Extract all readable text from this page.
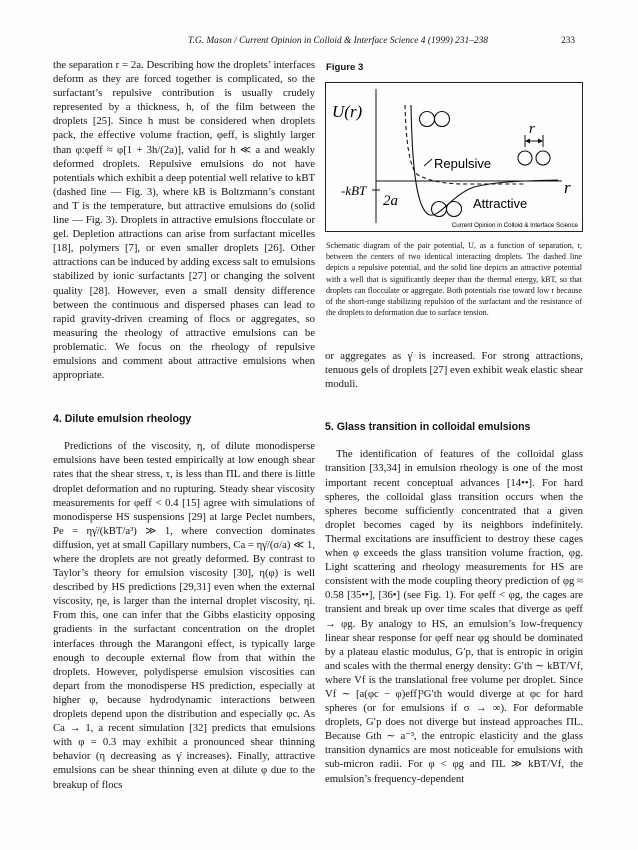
T.G. Mason / Current Opinion in Colloid & Interface Science 4 (1999) 231–238	233

the separation r = 2a. Describing how the droplets’ interfaces deform as they are forced together is complicated, so the surfactant’s repulsive contribution is usually crudely represented by a thickness, h, of the film between the droplets [25]. Since h must be considered when droplets pack, the effective volume fraction, φeff, is slightly larger than φ:φeff ≈ φ[1 + 3h/(2a)], valid for h ≪ a and weakly deformed droplets. Repulsive emulsions do not have potentials which exhibit a deep potential well relative to kBT (dashed line — Fig. 3), where kB is Boltzmann’s constant and T is the temperature, but attractive emulsions do (solid line — Fig. 3). Droplets in attractive emulsions flocculate or gel. Depletion attractions can arise from surfactant micelles [18], polymers [7], or even smaller droplets [26]. Other attractions can be induced by adding excess salt to emulsions stabilized by ionic surfactants [27] or changing the solvent quality [28]. However, even a small density difference between the continuous and dispersed phases can lead to rapid gravity-driven creaming of flocs or aggregates, so measuring the rheology of attractive emulsions can be problematic. We focus on the rheology of repulsive emulsions and comment about attractive emulsions when appropriate.

4. Dilute emulsion rheology

Predictions of the viscosity, η, of dilute monodisperse emulsions have been tested empirically at low enough shear rates that the shear stress, τ, is less than ΠL and there is little droplet deformation and no rupturing. Steady shear viscosity measurements for φeff < 0.4 [15] agree with simulations of monodisperse HS suspensions [29] at large Peclet numbers, Pe = ηγ̇/(kBT/a³) ≫ 1, where convection dominates diffusion, yet at small Capillary numbers, Ca = ηγ̇/(σ/a) ≪ 1, where the droplets are not greatly deformed. By contrast to Taylor’s theory for emulsion viscosity [30], η(φ) is well described by HS predictions [29,31] even when the external viscosity, ηe, is larger than the internal droplet viscosity, ηi. From this, one can infer that the Gibbs elasticity opposing gradients in the surfactant concentration on the droplet interfaces through the Marangoni effect, is typically large enough to decouple external flow from that within the droplets. However, polydisperse emulsion viscosities can depart from the monodisperse HS prediction, especially at higher φ, because hydrodynamic interactions between droplets depend upon the distribution and especially φc. As Ca → 1, a recent simulation [32] predicts that emulsions with φ = 0.3 may exhibit a pronounced shear thinning behavior (η decreasing as γ̇ increases). Finally, attractive emulsions can be shear thinning even at dilute φ due to the breakup of flocs

Figure 3
U(r)
r
-kBT
2a
r
Repulsive
Attractive
Current Opinion in Colloid & Interface Science
Schematic diagram of the pair potential, U, as a function of separation, r, between the centers of two identical interacting droplets. The dashed line depicts a repulsive potential, and the solid line depicts an attractive potential with a well that is significantly deeper than the thermal energy, kBT, so that droplets can flocculate or aggregate. Both potentials rise toward low r because of the short-range stabilizing repulsion of the surfactant and the resistance of the droplets to deformation due to surface tension.

or aggregates as γ̇ is increased. For strong attractions, tenuous gels of droplets [27] even exhibit weak elastic shear moduli.

5. Glass transition in colloidal emulsions

The identification of features of the colloidal glass transition [33,34] in emulsion rheology is one of the most important recent conceptual advances [14••]. For hard spheres, the colloidal glass transition occurs when the spheres become sufficiently concentrated that a given droplet becomes caged by its neighbors indefinitely. Thermal excitations are insufficient to destroy these cages when φ exceeds the glass transition volume fraction, φg. Light scattering and rheology measurements for HS are consistent with the mode coupling theory prediction of φg ≈ 0.58 [35••], [36•] (see Fig. 1). For φeff < φg, the cages are transient and break up over time scales that diverge as φeff → φg. By analogy to HS, an emulsion’s low-frequency linear shear response for φeff near φg should be dominated by a plateau elastic modulus, G′p, that is entropic in origin and scales with the thermal energy density: G′th ∼ kBT/Vf, where Vf is the translational free volume per droplet. Since Vf ∼ [a(φc − φ)eff]³G′th would diverge at φc for hard spheres (or for emulsions if σ → ∞). For deformable droplets, G′p does not diverge but instead approaches ΠL. Because Gth ∼ a⁻³, the entropic elasticity and the glass transition dynamics are most noticeable for emulsions with sub-micron radii. For φ < φg and ΠL ≫ kBT/Vf, the emulsion’s frequency-dependent
